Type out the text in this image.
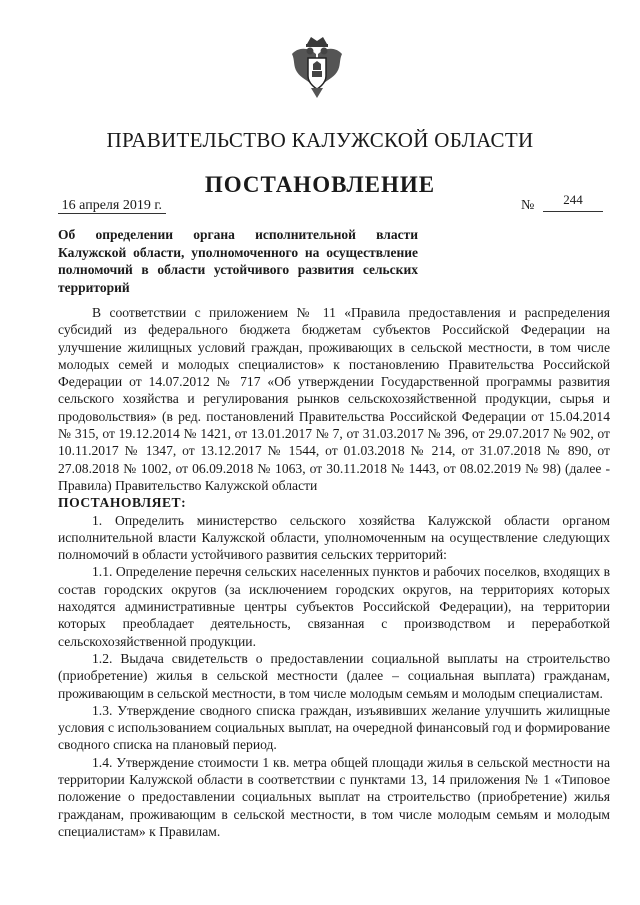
ПРАВИТЕЛЬСТВО КАЛУЖСКОЙ ОБЛАСТИ
ПОСТАНОВЛЕНИЕ
16 апреля 2019 г.	№	244
Об определении органа исполнительной власти Калужской области, уполномоченного на осуществление полномочий в области устойчивого развития сельских территорий

В соответствии с приложением № 11 «Правила предоставления и распределения субсидий из федерального бюджета бюджетам субъектов Российской Федерации на улучшение жилищных условий граждан, проживающих в сельской местности, в том числе молодых семей и молодых специалистов» к постановлению Правительства Российской Федерации от 14.07.2012 № 717 «Об утверждении Государственной программы развития сельского хозяйства и регулирования рынков сельскохозяйственной продукции, сырья и продовольствия» (в ред. постановлений Правительства Российской Федерации от 15.04.2014 № 315, от 19.12.2014 № 1421, от 13.01.2017 № 7, от 31.03.2017 № 396, от 29.07.2017 № 902, от 10.11.2017 № 1347, от 13.12.2017 № 1544, от 01.03.2018 № 214, от 31.07.2018 № 890, от 27.08.2018 № 1002, от 06.09.2018 № 1063, от 30.11.2018 № 1443, от 08.02.2019 № 98) (далее - Правила) Правительство Калужской области

ПОСТАНОВЛЯЕТ:

1. Определить министерство сельского хозяйства Калужской области органом исполнительной власти Калужской области, уполномоченным на осуществление следующих полномочий в области устойчивого развития сельских территорий:

1.1. Определение перечня сельских населенных пунктов и рабочих поселков, входящих в состав городских округов (за исключением городских округов, на территориях которых находятся административные центры субъектов Российской Федерации), на территории которых преобладает деятельность, связанная с производством и переработкой сельскохозяйственной продукции.

1.2. Выдача свидетельств о предоставлении социальной выплаты на строительство (приобретение) жилья в сельской местности (далее – социальная выплата) гражданам, проживающим в сельской местности, в том числе молодым семьям и молодым специалистам.

1.3. Утверждение сводного списка граждан, изъявивших желание улучшить жилищные условия с использованием социальных выплат, на очередной финансовый год и формирование сводного списка на плановый период.

1.4. Утверждение стоимости 1 кв. метра общей площади жилья в сельской местности на территории Калужской области в соответствии с пунктами 13, 14 приложения № 1 «Типовое положение о предоставлении социальных выплат на строительство (приобретение) жилья гражданам, проживающим в сельской местности, в том числе молодым семьям и молодым специалистам» к Правилам.
